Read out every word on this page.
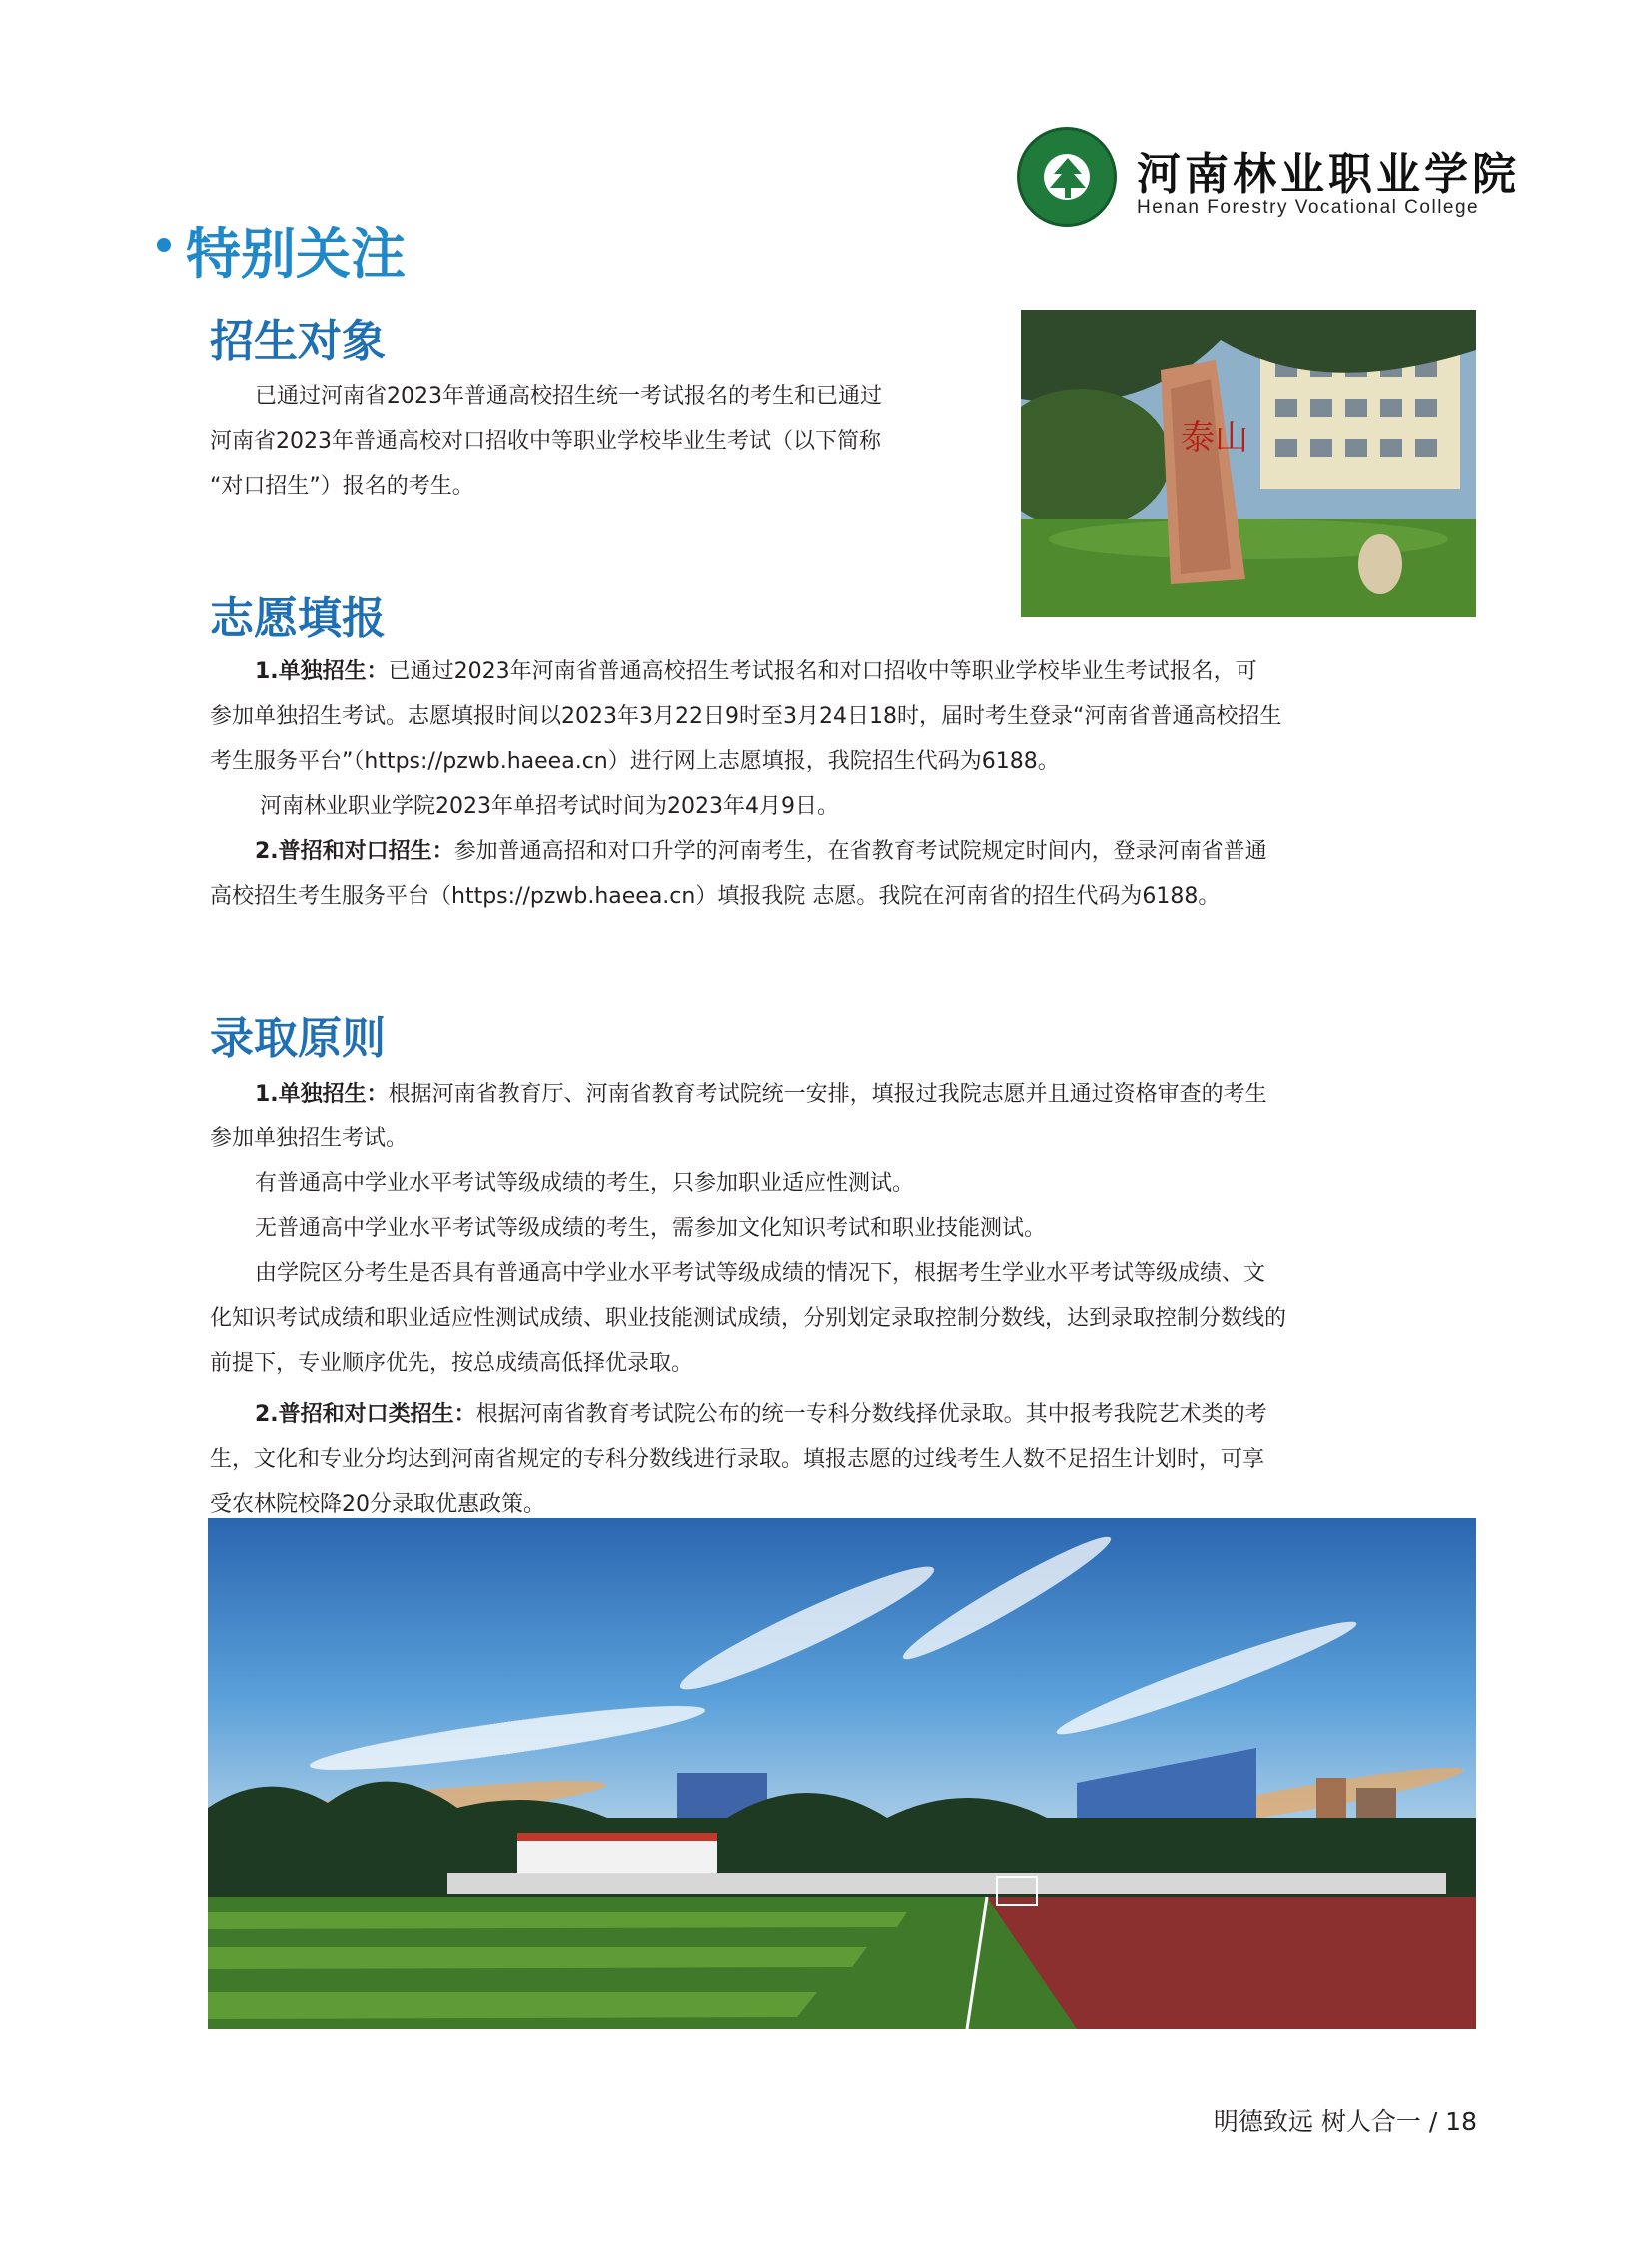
河南林业职业学院
Henan Forestry Vocational College
特别关注
招生对象
已通过河南省2023年普通高校招生统一考试报名的考生和已通过
河南省2023年普通高校对口招收中等职业学校毕业生考试（以下简称
“对口招生”）报名的考生。
泰山
志愿填报
1.单独招生：已通过2023年河南省普通高校招生考试报名和对口招收中等职业学校毕业生考试报名，可
参加单独招生考试。志愿填报时间以2023年3月22日9时至3月24日18时，届时考生登录“河南省普通高校招生
考生服务平台”（https://pzwb.haeea.cn）进行网上志愿填报，我院招生代码为6188。
河南林业职业学院2023年单招考试时间为2023年4月9日。
2.普招和对口招生：参加普通高招和对口升学的河南考生，在省教育考试院规定时间内，登录河南省普通
高校招生考生服务平台（https://pzwb.haeea.cn）填报我院 志愿。我院在河南省的招生代码为6188。
录取原则
1.单独招生：根据河南省教育厅、河南省教育考试院统一安排，填报过我院志愿并且通过资格审查的考生
参加单独招生考试。
有普通高中学业水平考试等级成绩的考生，只参加职业适应性测试。
无普通高中学业水平考试等级成绩的考生，需参加文化知识考试和职业技能测试。
由学院区分考生是否具有普通高中学业水平考试等级成绩的情况下，根据考生学业水平考试等级成绩、文
化知识考试成绩和职业适应性测试成绩、职业技能测试成绩，分别划定录取控制分数线，达到录取控制分数线的
前提下，专业顺序优先，按总成绩高低择优录取。
2.普招和对口类招生：根据河南省教育考试院公布的统一专科分数线择优录取。其中报考我院艺术类的考
生，文化和专业分均达到河南省规定的专科分数线进行录取。填报志愿的过线考生人数不足招生计划时，可享
受农林院校降20分录取优惠政策。
明德致远 树人合一 / 18
